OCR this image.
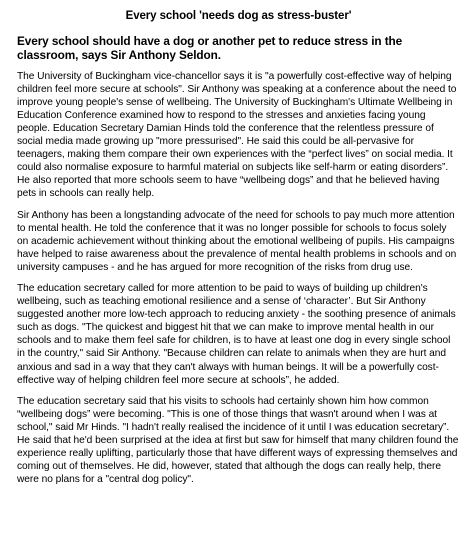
Every school 'needs dog as stress-buster'

Every school should have a dog or another pet to reduce stress in the classroom, says Sir Anthony Seldon.

The University of Buckingham vice-chancellor says it is "a powerfully cost-effective way of helping children feel more secure at schools". Sir Anthony was speaking at a conference about the need to improve young people's sense of wellbeing. The University of Buckingham's Ultimate Wellbeing in Education Conference examined how to respond to the stresses and anxieties facing young people. Education Secretary Damian Hinds told the conference that the relentless pressure of social media made growing up "more pressurised". He said this could be all-pervasive for teenagers, making them compare their own experiences with the “perfect lives” on social media. It could also normalise exposure to harmful material on subjects like self-harm or eating disorders”. He also reported that more schools seem to have “wellbeing dogs” and that he believed having pets in schools can really help.

Sir Anthony has been a longstanding advocate of the need for schools to pay much more attention to mental health. He told the conference that it was no longer possible for schools to focus solely on academic achievement without thinking about the emotional wellbeing of pupils. His campaigns have helped to raise awareness about the prevalence of mental health problems in schools and on university campuses - and he has argued for more recognition of the risks from drug use.

The education secretary called for more attention to be paid to ways of building up children's wellbeing, such as teaching emotional resilience and a sense of ‘character’. But Sir Anthony suggested another more low-tech approach to reducing anxiety - the soothing presence of animals such as dogs. "The quickest and biggest hit that we can make to improve mental health in our schools and to make them feel safe for children, is to have at least one dog in every single school in the country," said Sir Anthony. "Because children can relate to animals when they are hurt and anxious and sad in a way that they can't always with human beings. It will be a powerfully cost-effective way of helping children feel more secure at schools”, he added.

The education secretary said that his visits to schools had certainly shown him how common “wellbeing dogs” were becoming. "This is one of those things that wasn't around when I was at school," said Mr Hinds. "I hadn't really realised the incidence of it until I was education secretary”. He said that he'd been surprised at the idea at first but saw for himself that many children found the experience really uplifting, particularly those that have different ways of expressing themselves and coming out of themselves. He did, however, stated that although the dogs can really help, there were no plans for a "central dog policy".
